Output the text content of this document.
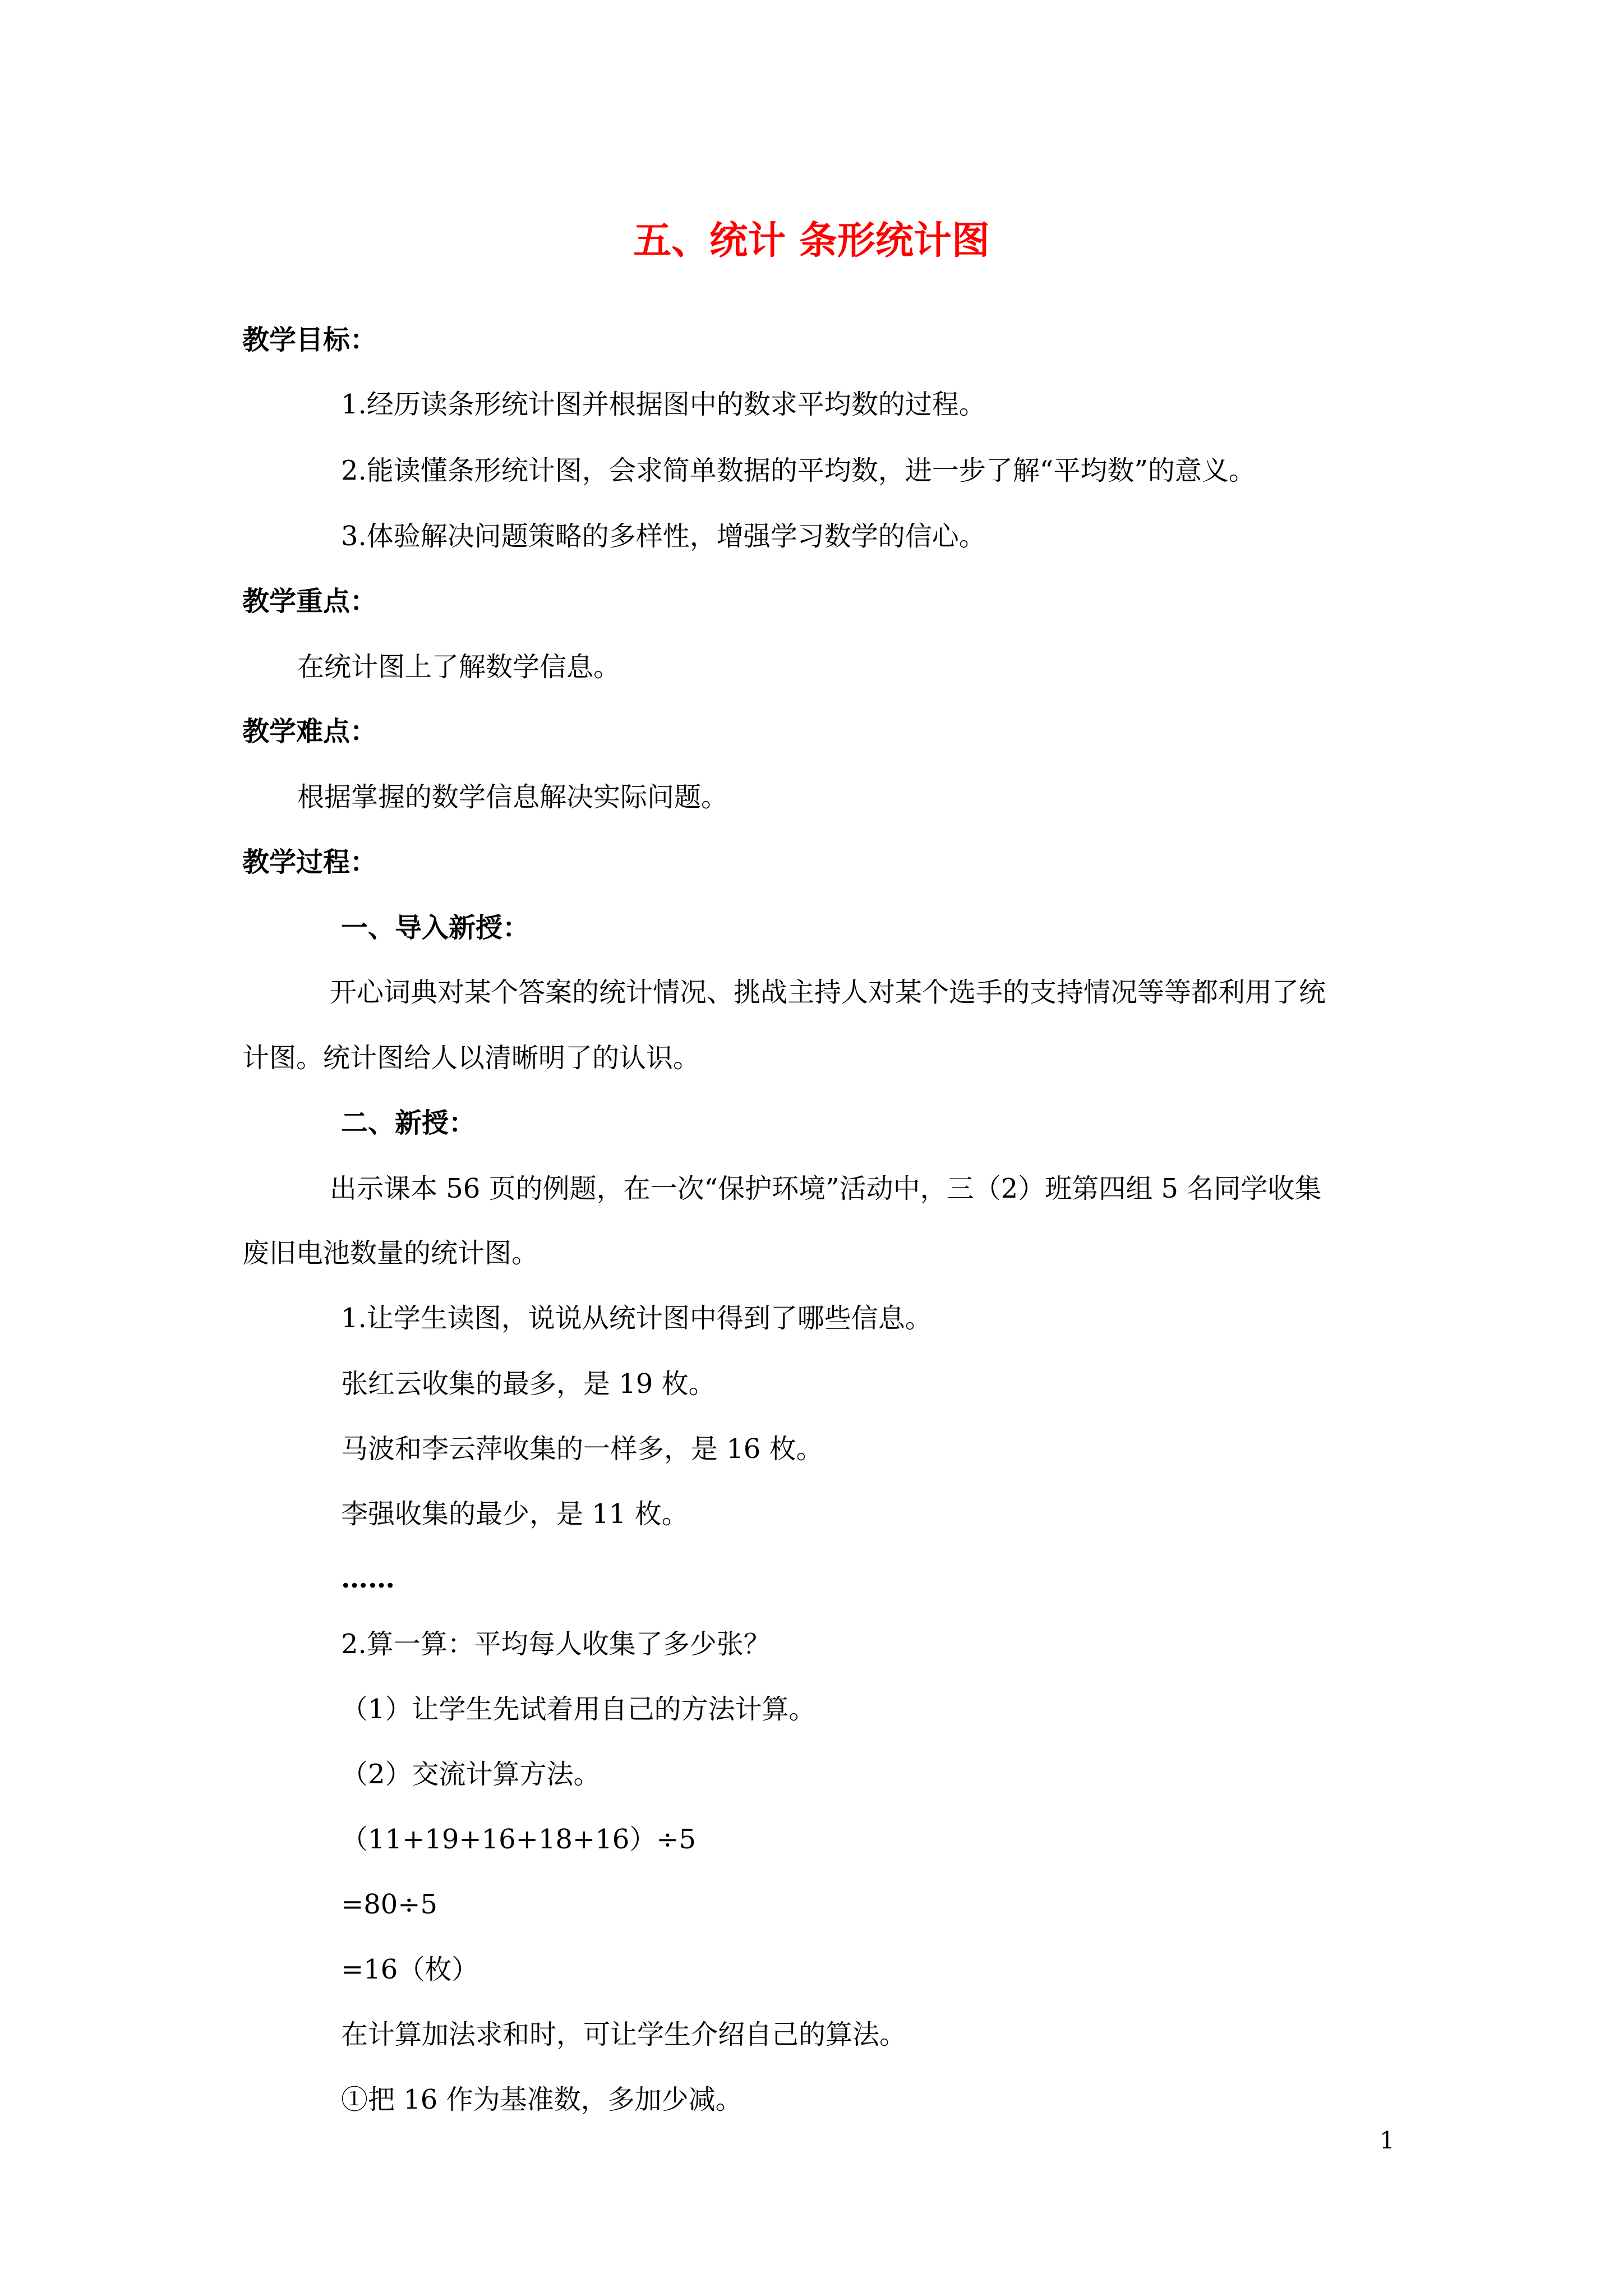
五、统计 条形统计图
教学目标：
1.经历读条形统计图并根据图中的数求平均数的过程。
2.能读懂条形统计图，会求简单数据的平均数，进一步了解“平均数”的意义。
3.体验解决问题策略的多样性，增强学习数学的信心。
教学重点：
在统计图上了解数学信息。
教学难点：
根据掌握的数学信息解决实际问题。
教学过程：
一、导入新授：
开心词典对某个答案的统计情况、挑战主持人对某个选手的支持情况等等都利用了统
计图。统计图给人以清晰明了的认识。
二、新授：
出示课本 56 页的例题，在一次“保护环境”活动中，三（2）班第四组 5 名同学收集
废旧电池数量的统计图。
1.让学生读图，说说从统计图中得到了哪些信息。
张红云收集的最多，是 19 枚。
马波和李云萍收集的一样多，是 16 枚。
李强收集的最少，是 11 枚。
……
2.算一算：平均每人收集了多少张？
（1）让学生先试着用自己的方法计算。
（2）交流计算方法。
（11+19+16+18+16）÷5
=80÷5
=16（枚）
在计算加法求和时，可让学生介绍自己的算法。
①把 16 作为基准数，多加少减。
1
